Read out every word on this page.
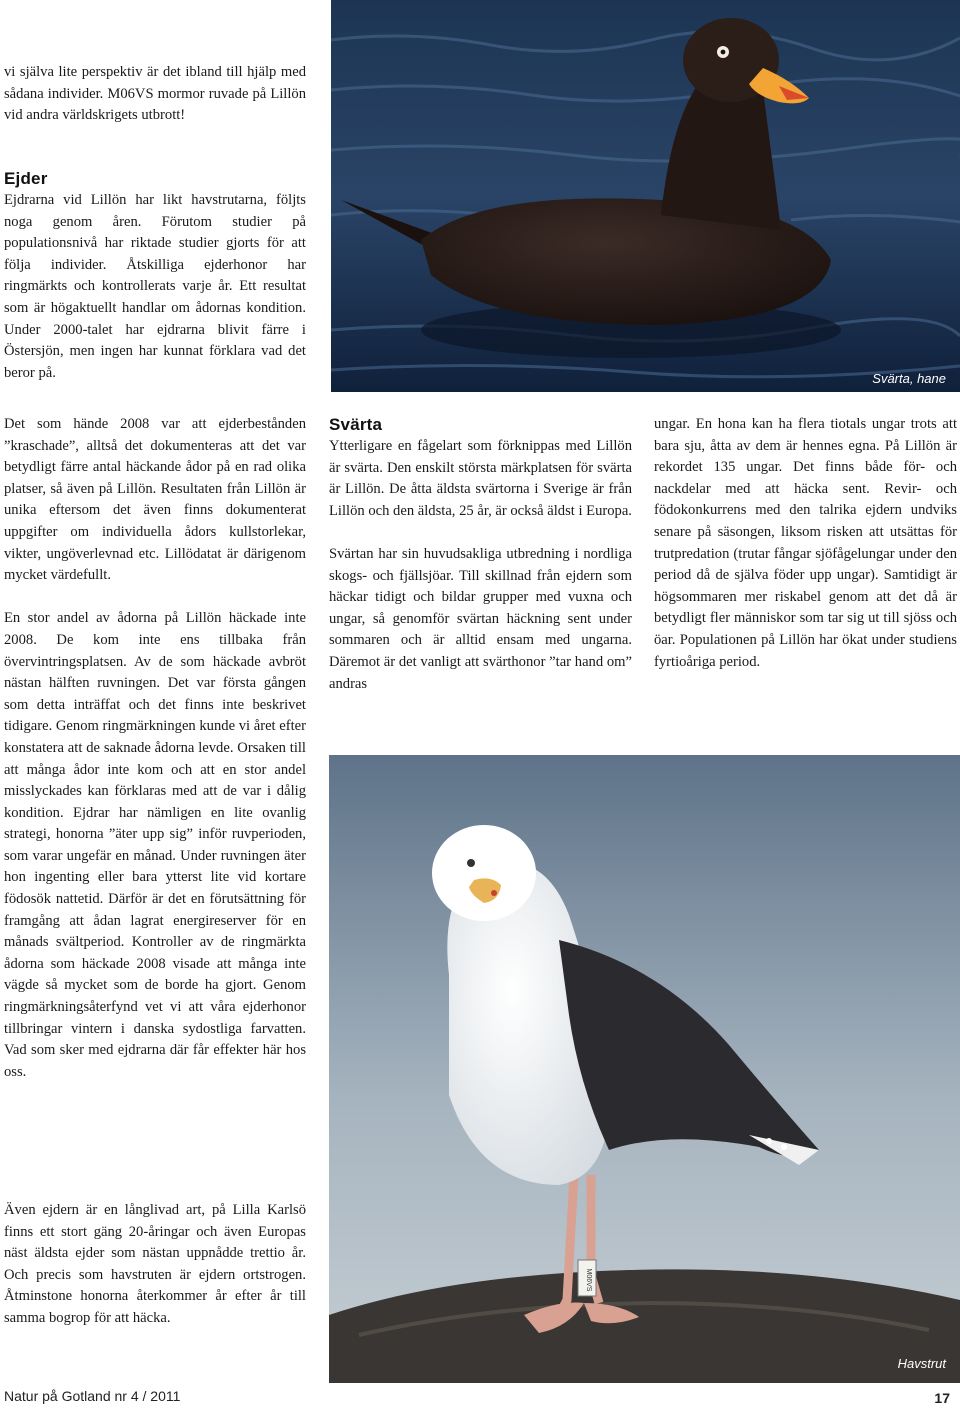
Svärta, hane

vi själva lite perspektiv är det ibland till hjälp med sådana individer. M06VS mormor ruvade på Lillön vid andra världskrigets utbrott!

Ejder

Ejdrarna vid Lillön har likt havstrutarna, följts noga genom åren. Förutom studier på populationsnivå har riktade studier gjorts för att följa individer. Åtskilliga ejderhonor har ringmärkts och kontrollerats varje år. Ett resultat som är högaktuellt handlar om ådornas kondition. Under 2000-talet har ejdrarna blivit färre i Östersjön, men ingen har kunnat förklara vad det beror på.

Det som hände 2008 var att ejderbestånden ”kraschade”, alltså det dokumenteras att det var betydligt färre antal häckande ådor på en rad olika platser, så även på Lillön. Resultaten från Lillön är unika eftersom det även finns dokumenterat uppgifter om individuella ådors kullstorlekar, vikter, ungöverlevnad etc. Lillödatat är därigenom mycket värdefullt.

En stor andel av ådorna på Lillön häckade inte 2008. De kom inte ens tillbaka från övervintringsplatsen. Av de som häckade avbröt nästan hälften ruvningen. Det var första gången som detta inträffat och det finns inte beskrivet tidigare. Genom ringmärkningen kunde vi året efter konstatera att de saknade ådorna levde. Orsaken till att många ådor inte kom och att en stor andel misslyckades kan förklaras med att de var i dålig kondition. Ejdrar har nämligen en lite ovanlig strategi, honorna ”äter upp sig” inför ruvperioden, som varar ungefär en månad. Under ruvningen äter hon ingenting eller bara ytterst lite vid kortare födosök nattetid. Därför är det en förutsättning för framgång att ådan lagrat energireserver för en månads svältperiod. Kontroller av de ringmärkta ådorna som häckade 2008 visade att många inte vägde så mycket som de borde ha gjort. Genom ringmärkningsåterfynd vet vi att våra ejderhonor tillbringar vintern i danska sydostliga farvatten. Vad som sker med ejdrarna där får effekter här hos oss.

Även ejdern är en långlivad art, på Lilla Karlsö finns ett stort gäng 20-åringar och även Europas näst äldsta ejder som nästan uppnådde trettio år. Och precis som havstruten är ejdern ortstrogen. Åtminstone honorna återkommer år efter år till samma bogrop för att häcka.

Svärta

Ytterligare en fågelart som förknippas med Lillön är svärta. Den enskilt största märkplatsen för svärta är Lillön. De åtta äldsta svärtorna i Sverige är från Lillön och den äldsta, 25 år, är också äldst i Europa.

Svärtan har sin huvudsakliga utbredning i nordliga skogs- och fjällsjöar. Till skillnad från ejdern som häckar tidigt och bildar grupper med vuxna och ungar, så genomför svärtan häckning sent under sommaren och är alltid ensam med ungarna. Däremot är det vanligt att svärthonor ”tar hand om” andras

ungar. En hona kan ha flera tiotals ungar trots att bara sju, åtta av dem är hennes egna. På Lillön är rekordet 135 ungar. Det finns både för- och nackdelar med att häcka sent. Revir- och födokonkurrens med den talrika ejdern undviks senare på säsongen, liksom risken att utsättas för trutpredation (trutar fångar sjöfågelungar under den period då de själva föder upp ungar). Samtidigt är högsommaren mer riskabel genom att det då är betydligt fler människor som tar sig ut till sjöss och öar. Populationen på Lillön har ökat under studiens fyrtioåriga period.

M06VS
Havstrut
Natur på Gotland nr 4 / 2011	17
